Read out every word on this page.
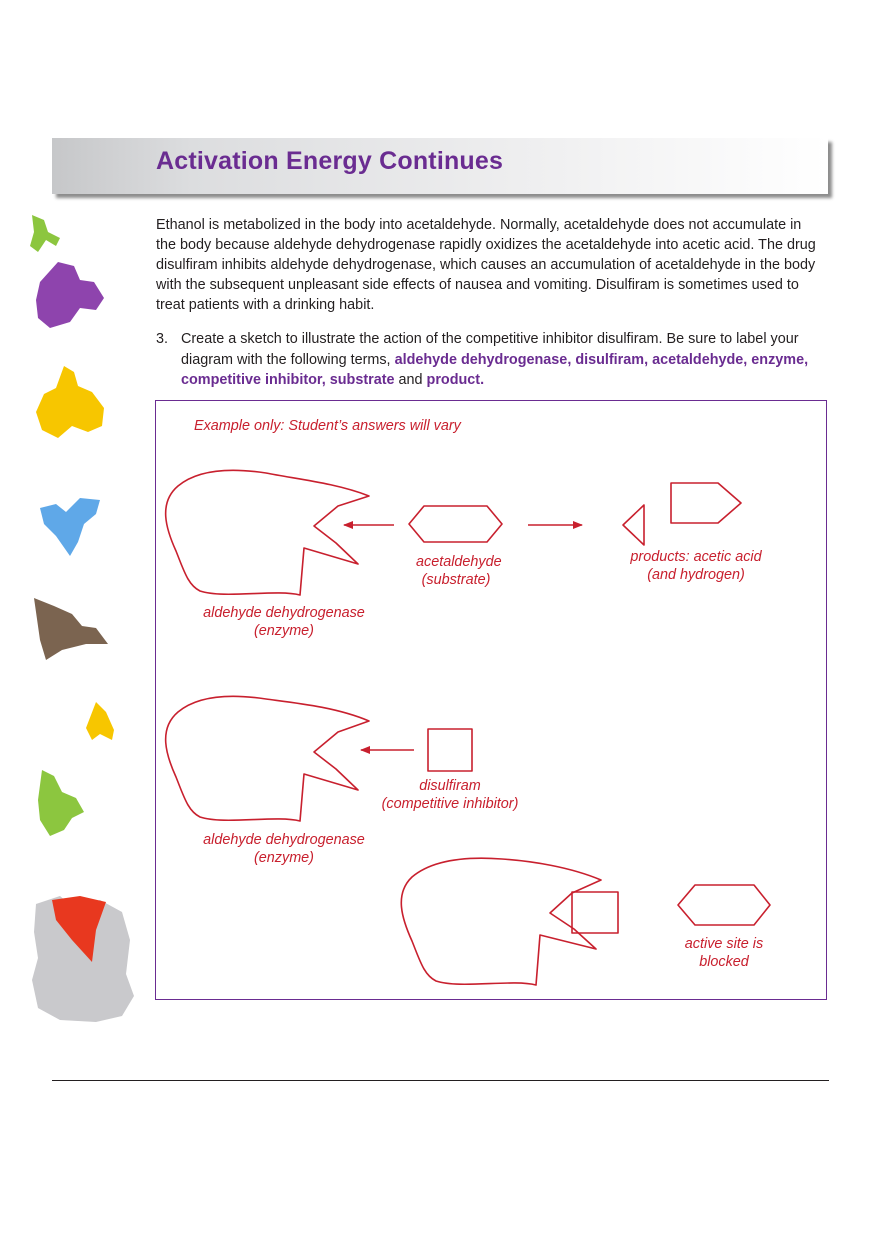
Activation Energy Continues

Ethanol is metabolized in the body into acetaldehyde. Normally, acetaldehyde does not accumulate in the body because aldehyde dehydrogenase rapidly oxidizes the acetaldehyde into acetic acid. The drug disulfiram inhibits aldehyde dehydrogenase, which causes an accumulation of acetaldehyde in the body with the subsequent unpleasant side effects of nausea and vomiting. Disulfiram is sometimes used to treat patients with a drinking habit.

3. Create a sketch to illustrate the action of the competitive inhibitor disulfiram. Be sure to label your diagram with the following terms, aldehyde dehydrogenase, disulfiram, acetaldehyde, enzyme, competitive inhibitor, substrate and product.

Example only: Student’s answers will vary

acetaldehyde
(substrate)

products: acetic acid
(and hydrogen)

aldehyde dehydrogenase
(enzyme)

disulfiram
(competitive inhibitor)

aldehyde dehydrogenase
(enzyme)

active site is
blocked
